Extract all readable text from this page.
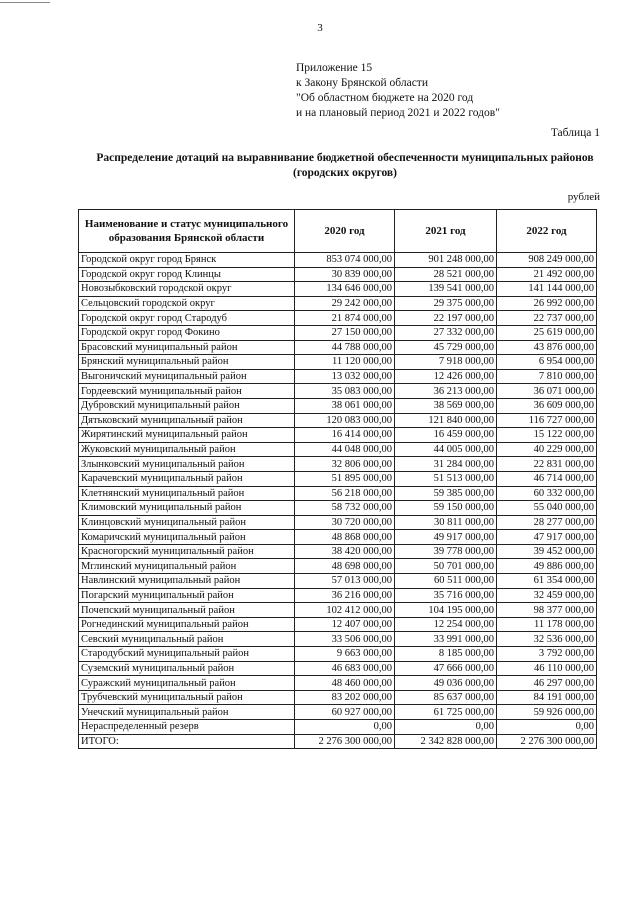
3
Приложение 15
к Закону Брянской области
"Об областном бюджете на 2020 год
и на плановый период 2021 и 2022 годов"
Таблица 1
Распределение дотаций на выравнивание бюджетной обеспеченности муниципальных районов
(городских округов)
рублей
Наименование и статус муниципального образования Брянской области	2020 год	2021 год	2022 год
Городской округ город Брянск	853 074 000,00	901 248 000,00	908 249 000,00
Городской округ город Клинцы	30 839 000,00	28 521 000,00	21 492 000,00
Новозыбковский городской округ	134 646 000,00	139 541 000,00	141 144 000,00
Сельцовский городской округ	29 242 000,00	29 375 000,00	26 992 000,00
Городской округ город Стародуб	21 874 000,00	22 197 000,00	22 737 000,00
Городской округ город Фокино	27 150 000,00	27 332 000,00	25 619 000,00
Брасовский муниципальный район	44 788 000,00	45 729 000,00	43 876 000,00
Брянский муниципальный район	11 120 000,00	7 918 000,00	6 954 000,00
Выгоничский муниципальный район	13 032 000,00	12 426 000,00	7 810 000,00
Гордеевский муниципальный район	35 083 000,00	36 213 000,00	36 071 000,00
Дубровский муниципальный район	38 061 000,00	38 569 000,00	36 609 000,00
Дятьковский муниципальный район	120 083 000,00	121 840 000,00	116 727 000,00
Жирятинский муниципальный район	16 414 000,00	16 459 000,00	15 122 000,00
Жуковский муниципальный район	44 048 000,00	44 005 000,00	40 229 000,00
Злынковский муниципальный район	32 806 000,00	31 284 000,00	22 831 000,00
Карачевский муниципальный район	51 895 000,00	51 513 000,00	46 714 000,00
Клетнянский муниципальный район	56 218 000,00	59 385 000,00	60 332 000,00
Климовский муниципальный район	58 732 000,00	59 150 000,00	55 040 000,00
Клинцовский муниципальный район	30 720 000,00	30 811 000,00	28 277 000,00
Комаричский муниципальный район	48 868 000,00	49 917 000,00	47 917 000,00
Красногорский муниципальный район	38 420 000,00	39 778 000,00	39 452 000,00
Мглинский муниципальный район	48 698 000,00	50 701 000,00	49 886 000,00
Навлинский муниципальный район	57 013 000,00	60 511 000,00	61 354 000,00
Погарский муниципальный район	36 216 000,00	35 716 000,00	32 459 000,00
Почепский муниципальный район	102 412 000,00	104 195 000,00	98 377 000,00
Рогнединский муниципальный район	12 407 000,00	12 254 000,00	11 178 000,00
Севский муниципальный район	33 506 000,00	33 991 000,00	32 536 000,00
Стародубский муниципальный район	9 663 000,00	8 185 000,00	3 792 000,00
Суземский муниципальный район	46 683 000,00	47 666 000,00	46 110 000,00
Суражский муниципальный район	48 460 000,00	49 036 000,00	46 297 000,00
Трубчевский муниципальный район	83 202 000,00	85 637 000,00	84 191 000,00
Унечский муниципальный район	60 927 000,00	61 725 000,00	59 926 000,00
Нераспределенный резерв	0,00	0,00	0,00
ИТОГО:	2 276 300 000,00	2 342 828 000,00	2 276 300 000,00
